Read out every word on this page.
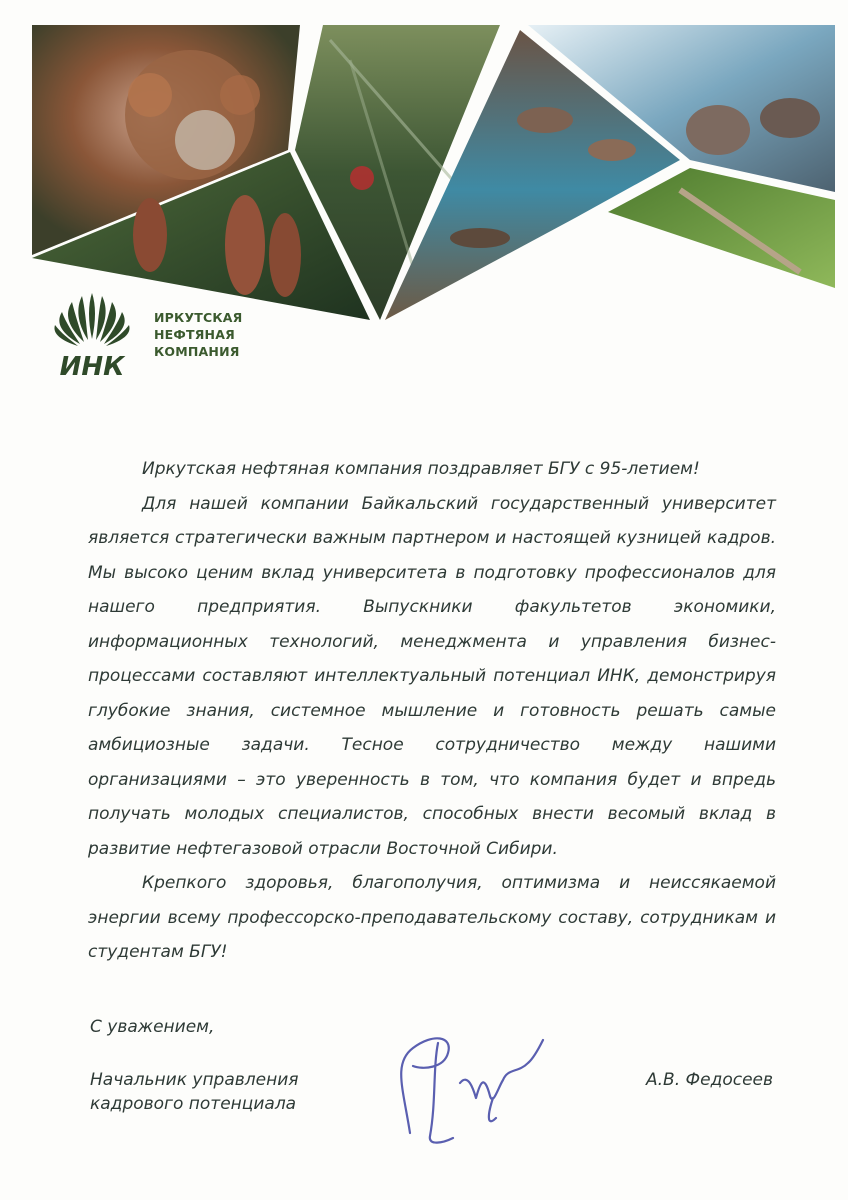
ИНК
ИРКУТСКАЯ
НЕФТЯНАЯ
КОМПАНИЯ

Иркутская нефтяная компания поздравляет БГУ с 95-летием!

Для нашей компании Байкальский государственный университет является стратегически важным партнером и настоящей кузницей кадров. Мы высоко ценим вклад университета в подготовку профессионалов для нашего предприятия. Выпускники факультетов экономики, информационных технологий, менеджмента и управления бизнес-процессами составляют интеллектуальный потенциал ИНК, демонстрируя глубокие знания, системное мышление и готовность решать самые амбициозные задачи. Тесное сотрудничество между нашими организациями – это уверенность в том, что компания будет и впредь получать молодых специалистов, способных внести весомый вклад в развитие нефтегазовой отрасли Восточной Сибири.

Крепкого здоровья, благополучия, оптимизма и неиссякаемой энергии всему профессорско-преподавательскому составу, сотрудникам и студентам БГУ!

С уважением,
Начальник управления
кадрового потенциала
А.В. Федосеев
